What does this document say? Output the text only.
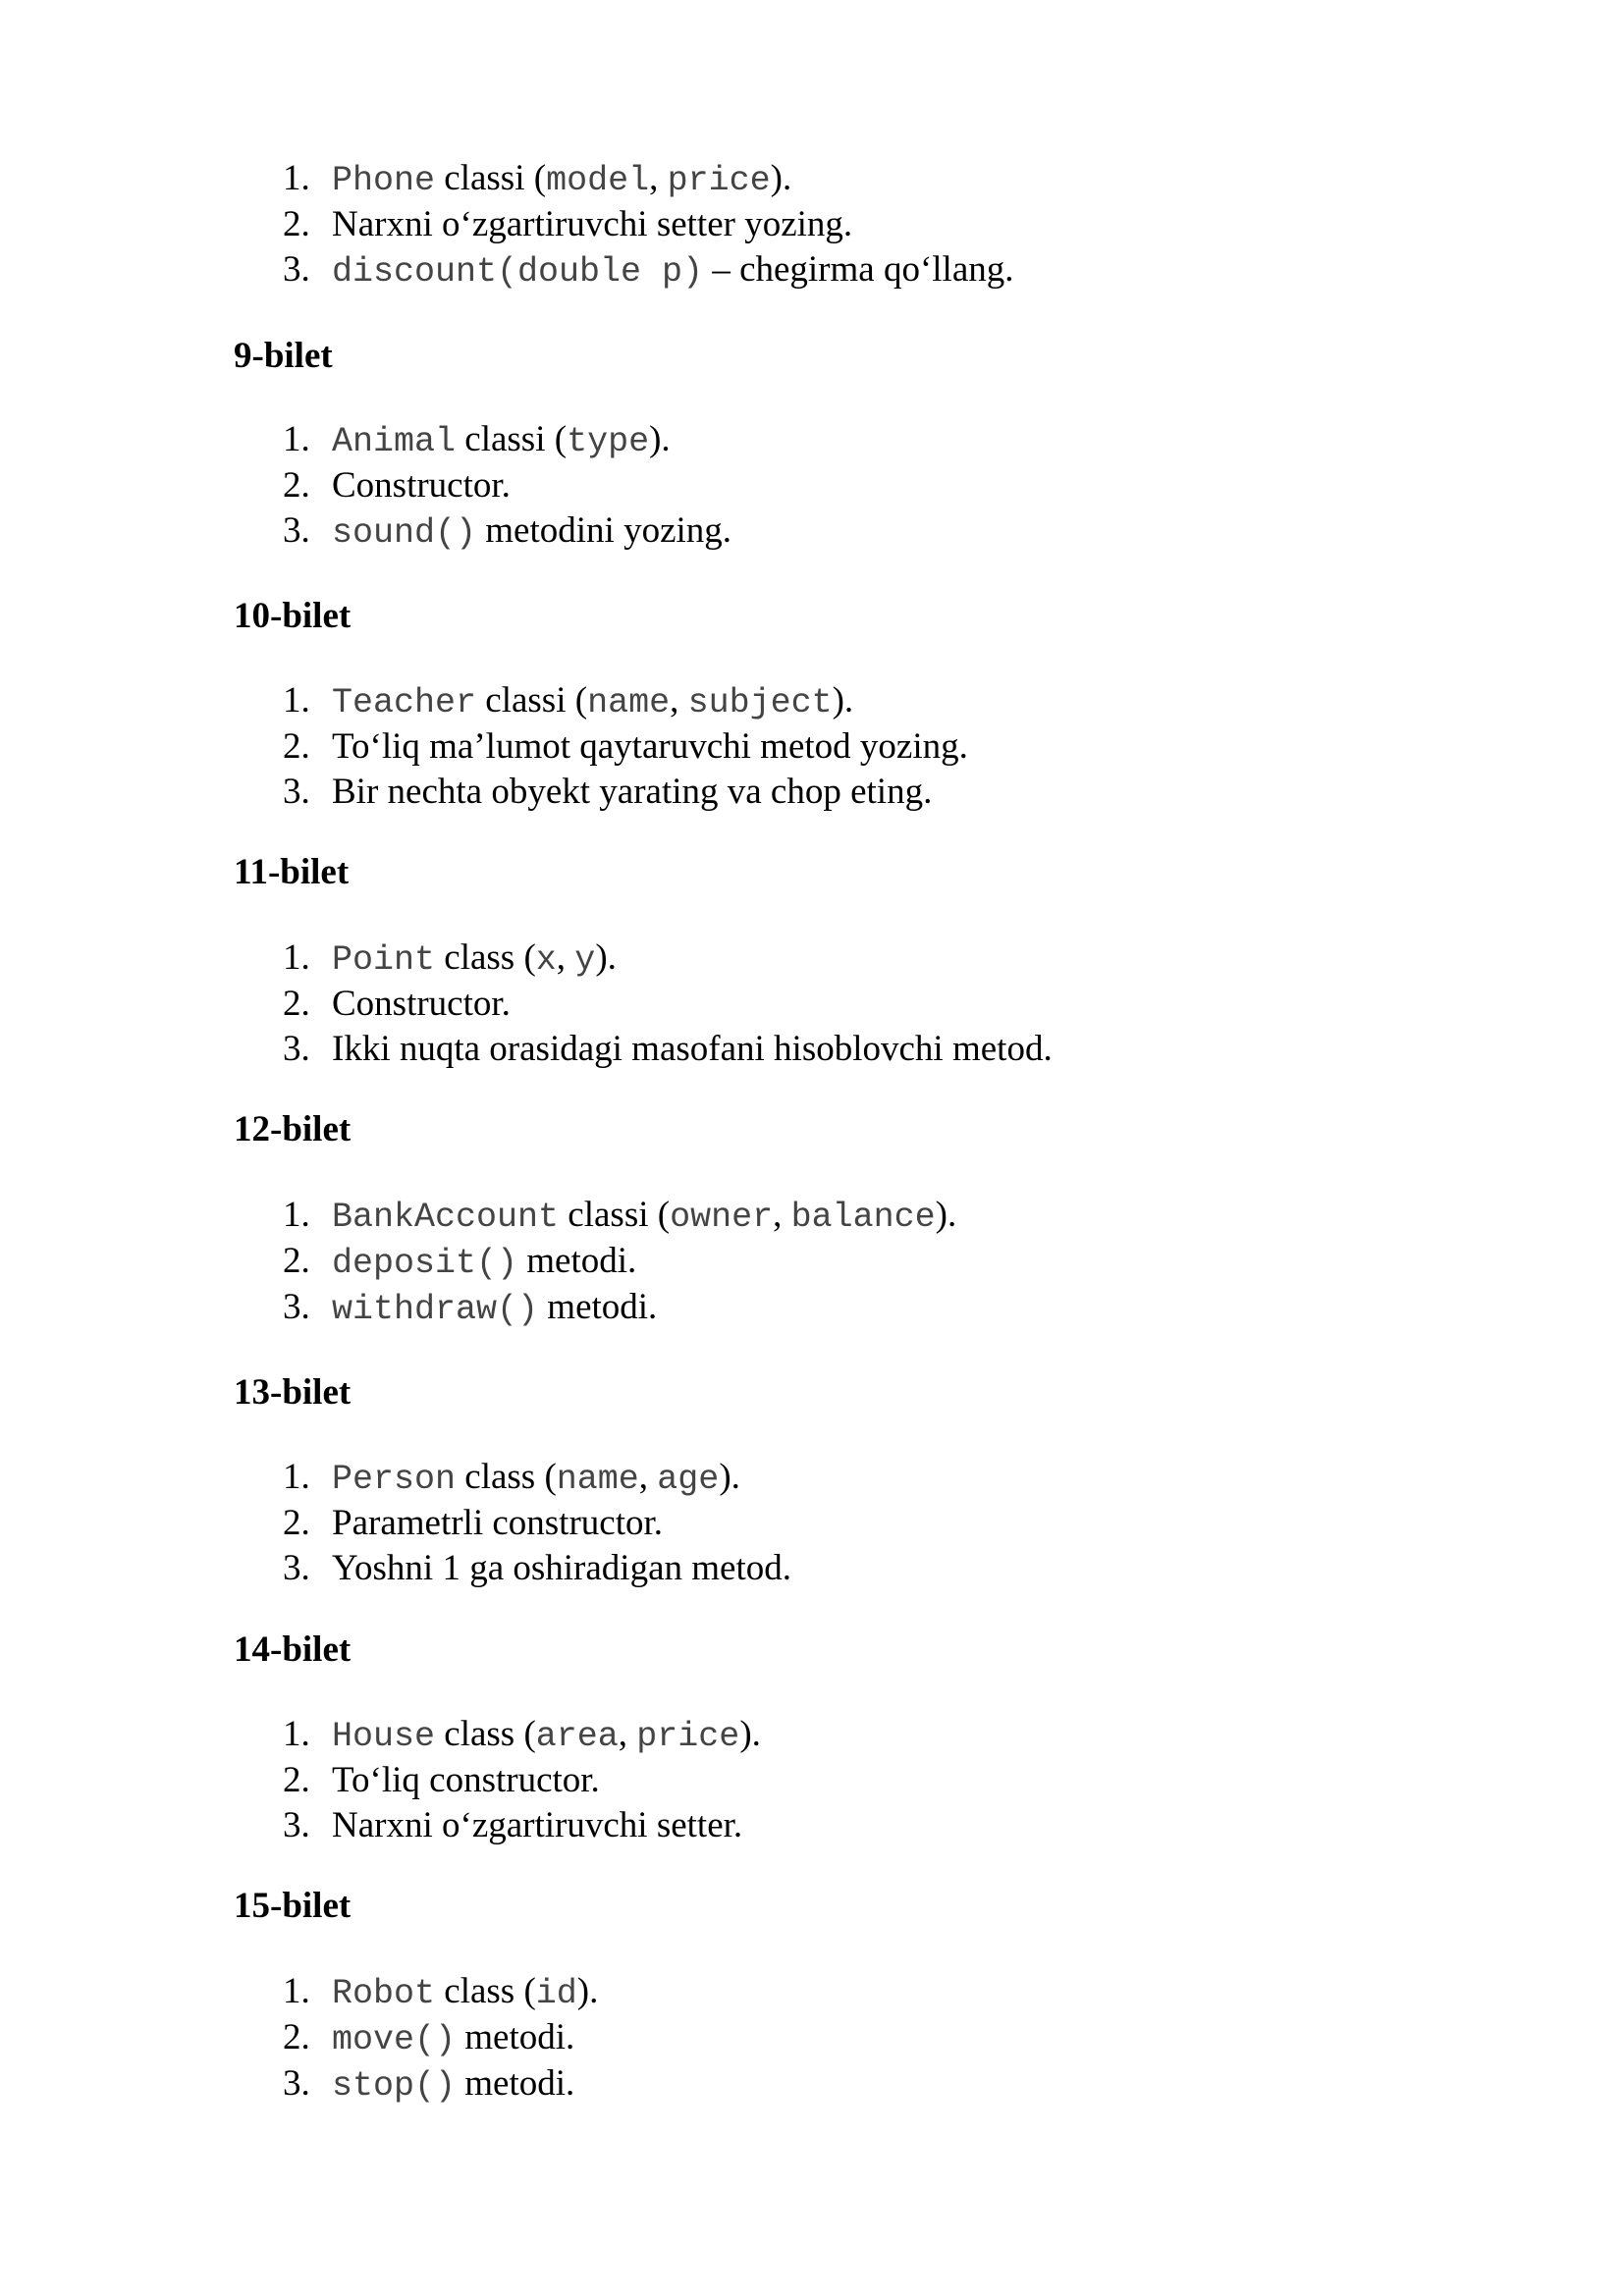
1. Phone classi (model, price).
2. Narxni o‘zgartiruvchi setter yozing.
3. discount(double p) – chegirma qo‘llang.
9-bilet
1. Animal classi (type).
2. Constructor.
3. sound() metodini yozing.
10-bilet
1. Teacher classi (name, subject).
2. To‘liq ma’lumot qaytaruvchi metod yozing.
3. Bir nechta obyekt yarating va chop eting.
11-bilet
1. Point class (x, y).
2. Constructor.
3. Ikki nuqta orasidagi masofani hisoblovchi metod.
12-bilet
1. BankAccount classi (owner, balance).
2. deposit() metodi.
3. withdraw() metodi.
13-bilet
1. Person class (name, age).
2. Parametrli constructor.
3. Yoshni 1 ga oshiradigan metod.
14-bilet
1. House class (area, price).
2. To‘liq constructor.
3. Narxni o‘zgartiruvchi setter.
15-bilet
1. Robot class (id).
2. move() metodi.
3. stop() metodi.
